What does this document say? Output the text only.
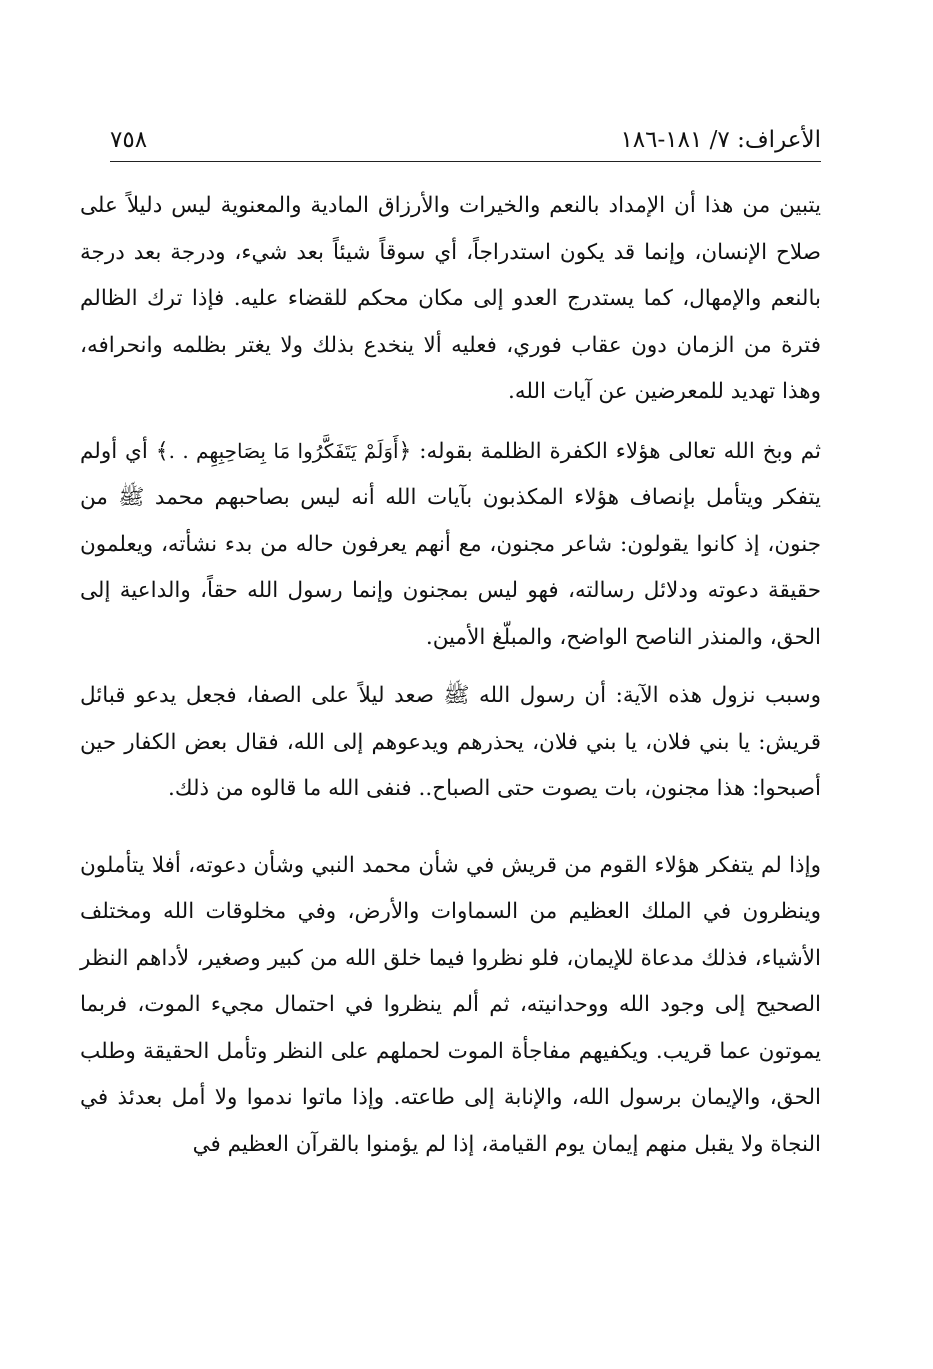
الأعراف: ٧/ ١٨١-١٨٦
٧٥٨

يتبين من هذا أن الإمداد بالنعم والخيرات والأرزاق المادية والمعنوية ليس دليلاً على صلاح الإنسان، وإنما قد يكون استدراجاً، أي سوقاً شيئاً بعد شيء، ودرجة بعد درجة بالنعم والإمهال، كما يستدرج العدو إلى مكان محكم للقضاء عليه. فإذا ترك الظالم فترة من الزمان دون عقاب فوري، فعليه ألا ينخدع بذلك ولا يغتر بظلمه وانحرافه، وهذا تهديد للمعرضين عن آيات الله.

ثم وبخ الله تعالى هؤلاء الكفرة الظلمة بقوله: ﴿أَوَلَمْ يَتَفَكَّرُوا مَا بِصَاحِبِهِم . .﴾ أي أولم يتفكر ويتأمل بإنصاف هؤلاء المكذبون بآيات الله أنه ليس بصاحبهم محمد ﷺ من جنون، إذ كانوا يقولون: شاعر مجنون، مع أنهم يعرفون حاله من بدء نشأته، ويعلمون حقيقة دعوته ودلائل رسالته، فهو ليس بمجنون وإنما رسول الله حقاً، والداعية إلى الحق، والمنذر الناصح الواضح، والمبلّغ الأمين.

وسبب نزول هذه الآية: أن رسول الله ﷺ صعد ليلاً على الصفا، فجعل يدعو قبائل قريش: يا بني فلان، يا بني فلان، يحذرهم ويدعوهم إلى الله، فقال بعض الكفار حين أصبحوا: هذا مجنون، بات يصوت حتى الصباح.. فنفى الله ما قالوه من ذلك.

وإذا لم يتفكر هؤلاء القوم من قريش في شأن محمد النبي وشأن دعوته، أفلا يتأملون وينظرون في الملك العظيم من السماوات والأرض، وفي مخلوقات الله ومختلف الأشياء، فذلك مدعاة للإيمان، فلو نظروا فيما خلق الله من كبير وصغير، لأداهم النظر الصحيح إلى وجود الله ووحدانيته، ثم ألم ينظروا في احتمال مجيء الموت، فربما يموتون عما قريب. ويكفيهم مفاجأة الموت لحملهم على النظر وتأمل الحقيقة وطلب الحق، والإيمان برسول الله، والإنابة إلى طاعته. وإذا ماتوا ندموا ولا أمل بعدئذ في النجاة ولا يقبل منهم إيمان يوم القيامة، إذا لم يؤمنوا بالقرآن العظيم في
